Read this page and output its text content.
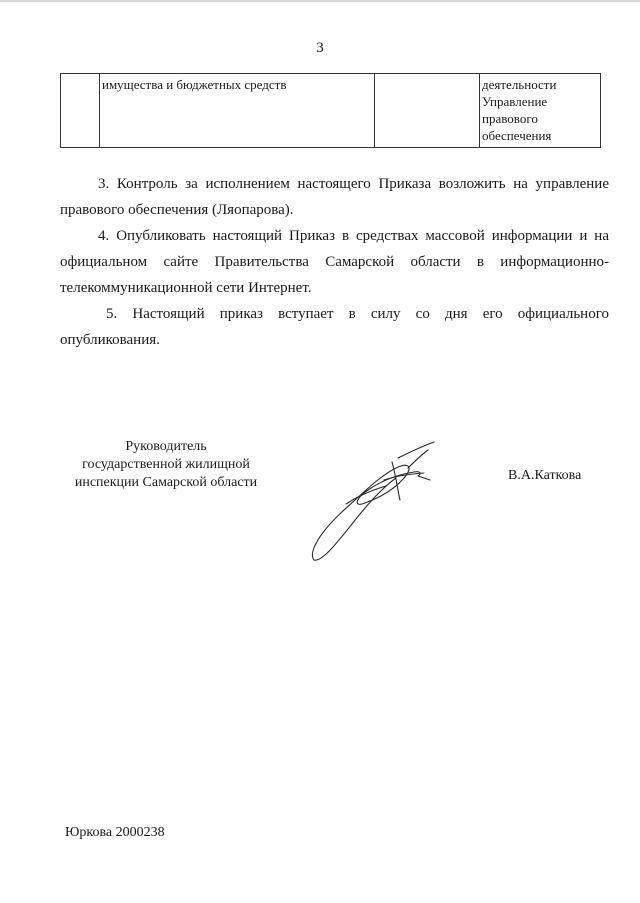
3
	имущества и бюджетных средств		деятельности
Управление
правового
обеспечения
3. Контроль за исполнением настоящего Приказа возложить на управление
правового обеспечения (Ляопарова).
4. Опубликовать настоящий Приказ в средствах массовой информации и на
официальном сайте Правительства Самарской области в информационно-
телекоммуникационной сети Интернет.
5. Настоящий приказ вступает в силу со дня его официального
опубликования.
Руководитель
государственной жилищной
инспекции Самарской области	В.А.Каткова
Юркова 2000238
